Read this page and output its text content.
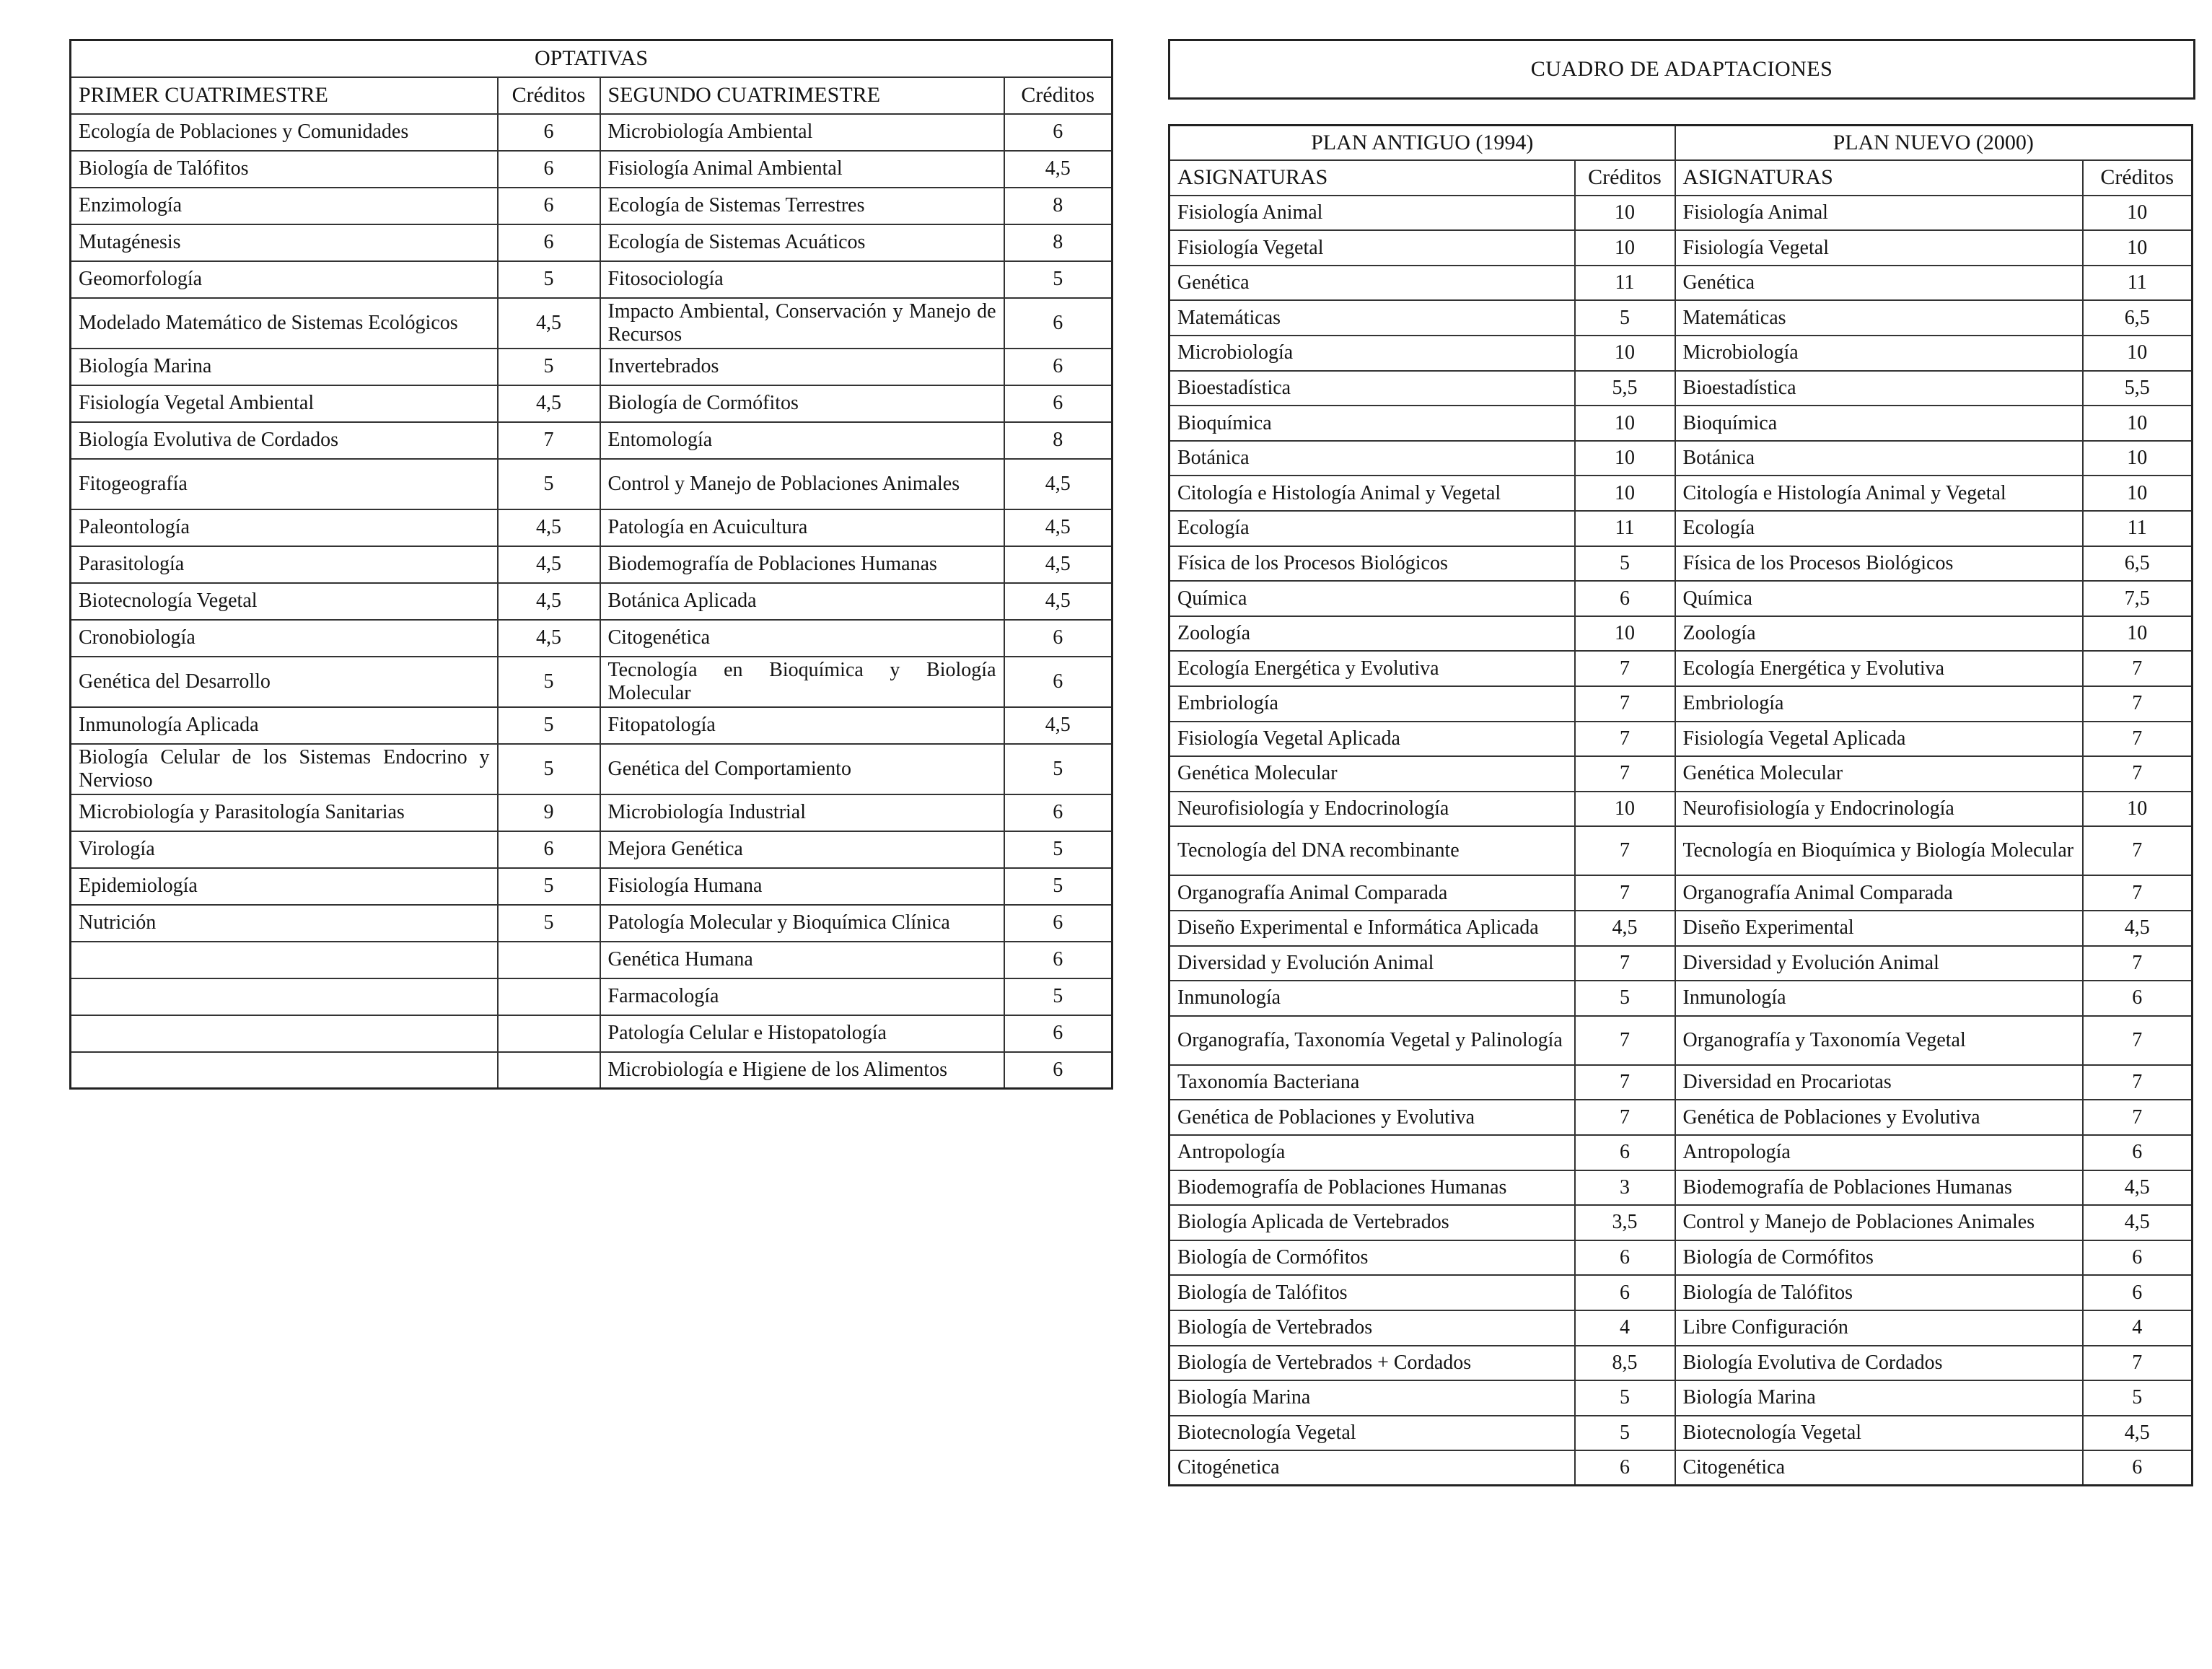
OPTATIVAS			
PRIMER CUATRIMESTRE	Créditos	SEGUNDO CUATRIMESTRE	Créditos
Ecología de Poblaciones y Comunidades	6	Microbiología Ambiental	6
Biología de Talófitos	6	Fisiología Animal Ambiental	4,5
Enzimología	6	Ecología de Sistemas Terrestres	8
Mutagénesis	6	Ecología de Sistemas Acuáticos	8
Geomorfología	5	Fitosociología	5

Modelado Matemático de Sistemas Ecológicos	4,5	Impacto Ambiental, Conservación y Manejo de Recursos	6
Biología Marina	5	Invertebrados	6
Fisiología Vegetal Ambiental	4,5	Biología de Cormófitos	6
Biología Evolutiva de Cordados	7	Entomología	8

Fitogeografía	5	Control y Manejo de Poblaciones Animales	4,5
Paleontología	4,5	Patología en Acuicultura	4,5
Parasitología	4,5	Biodemografía de Poblaciones Humanas	4,5
Biotecnología Vegetal	4,5	Botánica Aplicada	4,5
Cronobiología	4,5	Citogenética	6

Genética del Desarrollo	5	Tecnología en Bioquímica y Biología Molecular	6
Inmunología Aplicada	5	Fitopatología	4,5

Biología Celular de los Sistemas Endocrino y Nervioso	5	Genética del Comportamiento	5
Microbiología y Parasitología Sanitarias	9	Microbiología Industrial	6
Virología	6	Mejora Genética	5
Epidemiología	5	Fisiología Humana	5
Nutrición	5	Patología Molecular y Bioquímica Clínica	6
		Genética Humana	6
		Farmacología	5
		Patología Celular e Histopatología	6
		Microbiología e Higiene de los Alimentos	6
CUADRO DE ADAPTACIONES
PLAN ANTIGUO (1994)		PLAN NUEVO (2000)	
ASIGNATURAS	Créditos	ASIGNATURAS	Créditos
Fisiología Animal	10	Fisiología Animal	10
Fisiología Vegetal	10	Fisiología Vegetal	10
Genética	11	Genética	11
Matemáticas	5	Matemáticas	6,5
Microbiología	10	Microbiología	10
Bioestadística	5,5	Bioestadística	5,5
Bioquímica	10	Bioquímica	10
Botánica	10	Botánica	10
Citología e Histología Animal y Vegetal	10	Citología e Histología Animal y Vegetal	10
Ecología	11	Ecología	11
Física de los Procesos Biológicos	5	Física de los Procesos Biológicos	6,5
Química	6	Química	7,5
Zoología	10	Zoología	10
Ecología Energética y Evolutiva	7	Ecología Energética y Evolutiva	7
Embriología	7	Embriología	7
Fisiología Vegetal Aplicada	7	Fisiología Vegetal Aplicada	7
Genética Molecular	7	Genética Molecular	7
Neurofisiología y Endocrinología	10	Neurofisiología y Endocrinología	10

Tecnología del DNA recombinante	7	Tecnología en Bioquímica y Biología Molecular	7
Organografía Animal Comparada	7	Organografía Animal Comparada	7
Diseño Experimental e Informática Aplicada	4,5	Diseño Experimental	4,5
Diversidad y Evolución Animal	7	Diversidad y Evolución Animal	7
Inmunología	5	Inmunología	6

Organografía, Taxonomía Vegetal y Palinología	7	Organografía y Taxonomía Vegetal	7
Taxonomía Bacteriana	7	Diversidad en Procariotas	7
Genética de Poblaciones y Evolutiva	7	Genética de Poblaciones y Evolutiva	7
Antropología	6	Antropología	6
Biodemografía de Poblaciones Humanas	3	Biodemografía de Poblaciones Humanas	4,5
Biología Aplicada de Vertebrados	3,5	Control y Manejo de Poblaciones Animales	4,5
Biología de Cormófitos	6	Biología de Cormófitos	6
Biología de Talófitos	6	Biología de Talófitos	6
Biología de Vertebrados	4	Libre Configuración	4
Biología de Vertebrados + Cordados	8,5	Biología Evolutiva de Cordados	7
Biología Marina	5	Biología Marina	5
Biotecnología Vegetal	5	Biotecnología Vegetal	4,5
Citogénetica	6	Citogenética	6
